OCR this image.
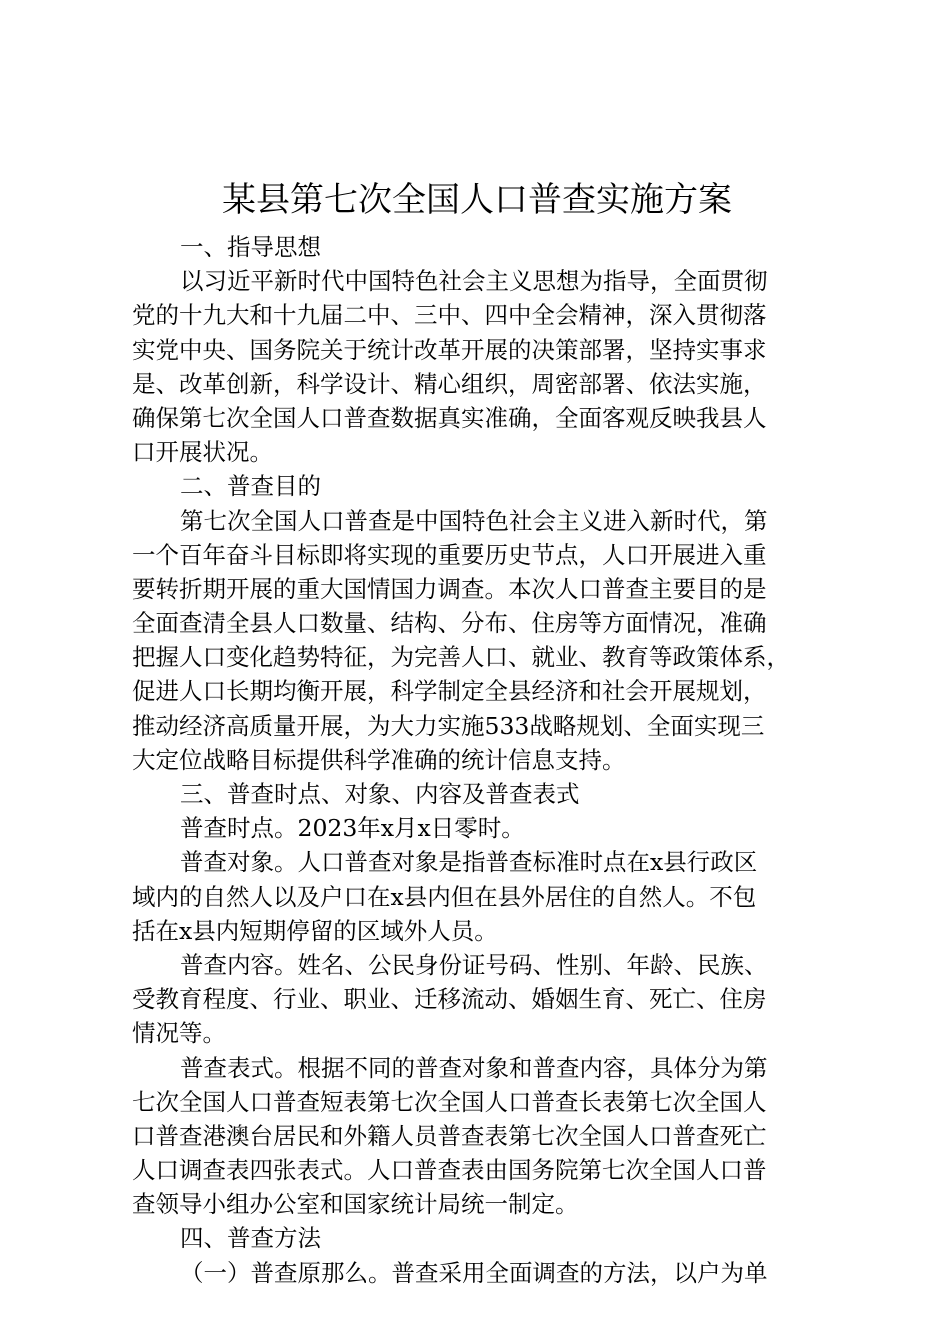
某县第七次全国人口普查实施方案
一、指导思想
以习近平新时代中国特色社会主义思想为指导，全面贯彻
党的十九大和十九届二中、三中、四中全会精神，深入贯彻落
实党中央、国务院关于统计改革开展的决策部署，坚持实事求
是、改革创新，科学设计、精心组织，周密部署、依法实施，
确保第七次全国人口普查数据真实准确，全面客观反映我县人
口开展状况。
二、普查目的
第七次全国人口普查是中国特色社会主义进入新时代，第
一个百年奋斗目标即将实现的重要历史节点，人口开展进入重
要转折期开展的重大国情国力调查。本次人口普查主要目的是
全面查清全县人口数量、结构、分布、住房等方面情况，准确
把握人口变化趋势特征，为完善人口、就业、教育等政策体系，
促进人口长期均衡开展，科学制定全县经济和社会开展规划，
推动经济高质量开展，为大力实施533战略规划、全面实现三
大定位战略目标提供科学准确的统计信息支持。
三、普查时点、对象、内容及普查表式
普查时点。2023年x月x日零时。
普查对象。人口普查对象是指普查标准时点在x县行政区
域内的自然人以及户口在x县内但在县外居住的自然人。不包
括在x县内短期停留的区域外人员。
普查内容。姓名、公民身份证号码、性别、年龄、民族、
受教育程度、行业、职业、迁移流动、婚姻生育、死亡、住房
情况等。
普查表式。根据不同的普查对象和普查内容，具体分为第
七次全国人口普查短表第七次全国人口普查长表第七次全国人
口普查港澳台居民和外籍人员普查表第七次全国人口普查死亡
人口调查表四张表式。人口普查表由国务院第七次全国人口普
查领导小组办公室和国家统计局统一制定。
四、普查方法
（一）普查原那么。普查采用全面调查的方法，以户为单
